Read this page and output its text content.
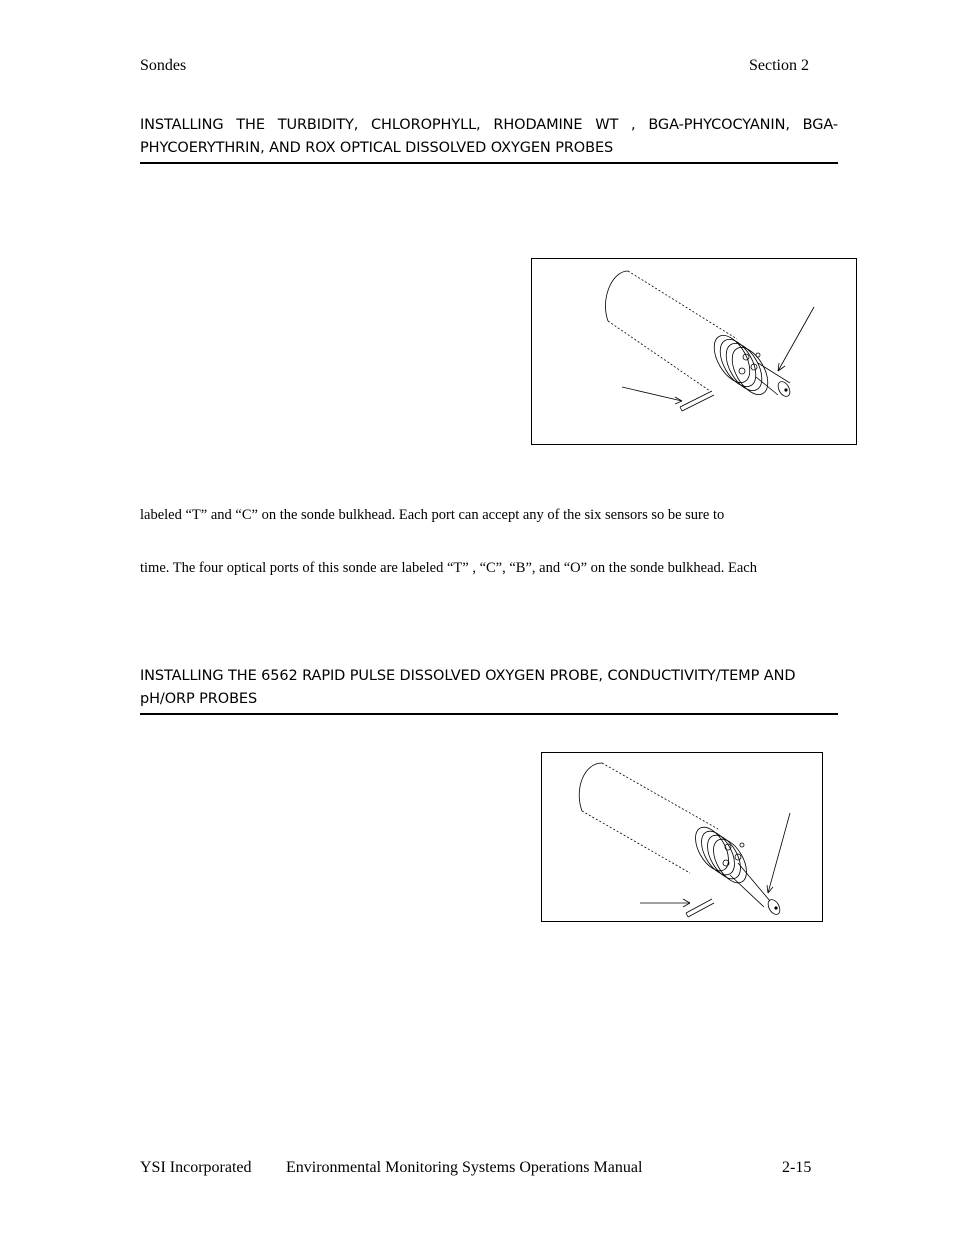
Sondes	Section 2
INSTALLING THE TURBIDITY, CHLOROPHYLL, RHODAMINE WT , BGA-PHYCOCYANIN, BGA-PHYCOERYTHRIN, AND ROX OPTICAL DISSOLVED OXYGEN PROBES
labeled “T” and “C” on the sonde bulkhead. Each port can accept any of the six sensors so be sure to
time. The four optical ports of this sonde are labeled “T” , “C”, “B”, and “O” on the sonde bulkhead. Each
INSTALLING THE 6562 RAPID PULSE DISSOLVED OXYGEN PROBE, CONDUCTIVITY/TEMP AND pH/ORP PROBES
YSI Incorporated Environmental Monitoring Systems Operations Manual	2-15
